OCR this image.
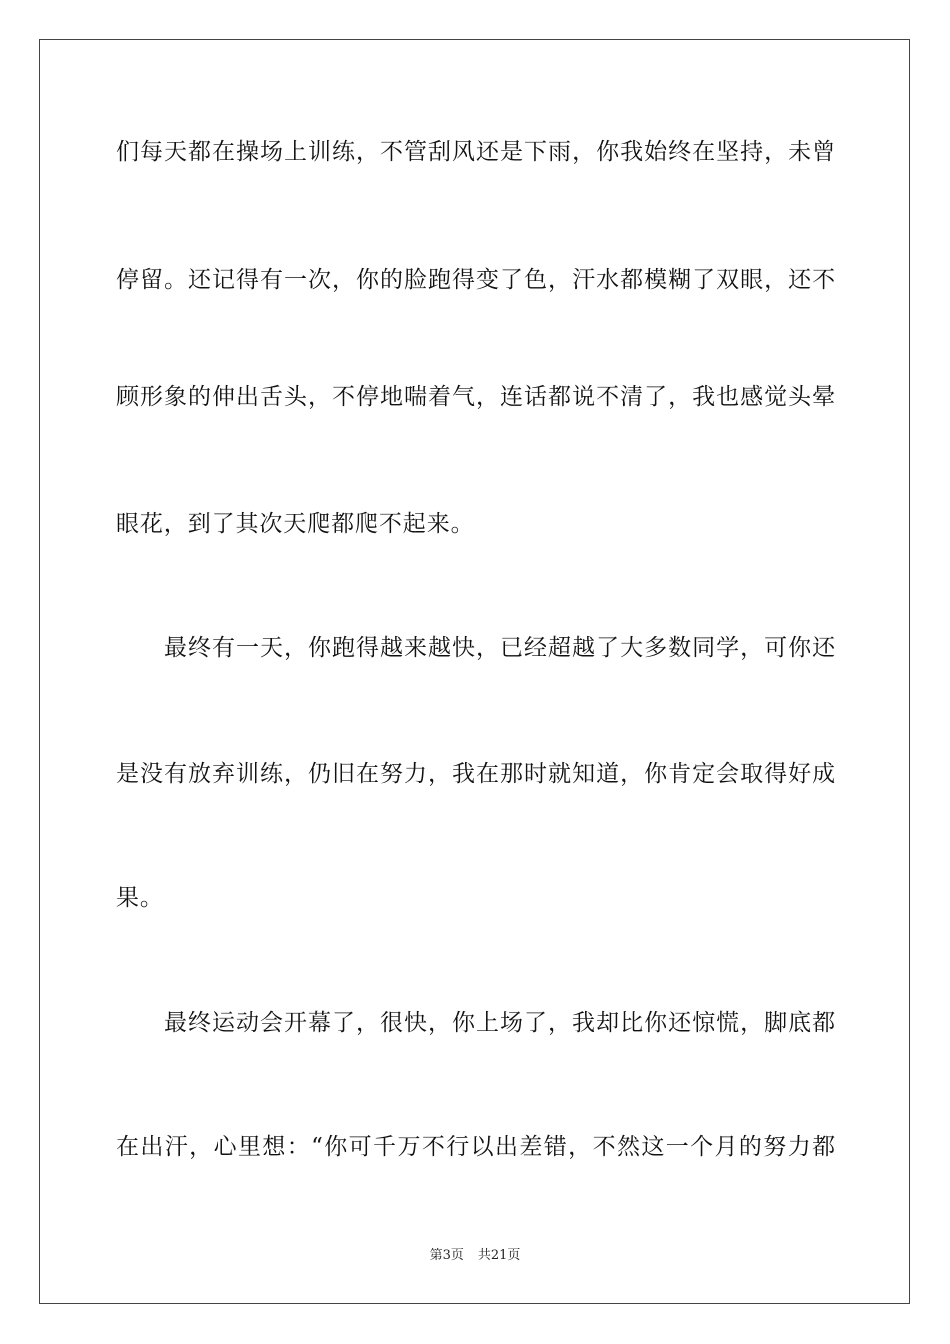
们每天都在操场上训练，不管刮风还是下雨，你我始终在坚持，未曾
停留。还记得有一次，你的脸跑得变了色，汗水都模糊了双眼，还不
顾形象的伸出舌头，不停地喘着气，连话都说不清了，我也感觉头晕
眼花，到了其次天爬都爬不起来。
最终有一天，你跑得越来越快，已经超越了大多数同学，可你还
是没有放弃训练，仍旧在努力，我在那时就知道，你肯定会取得好成
果。
最终运动会开幕了，很快，你上场了，我却比你还惊慌，脚底都
在出汗，心里想：“你可千万不行以出差错，不然这一个月的努力都
第3页 共21页
